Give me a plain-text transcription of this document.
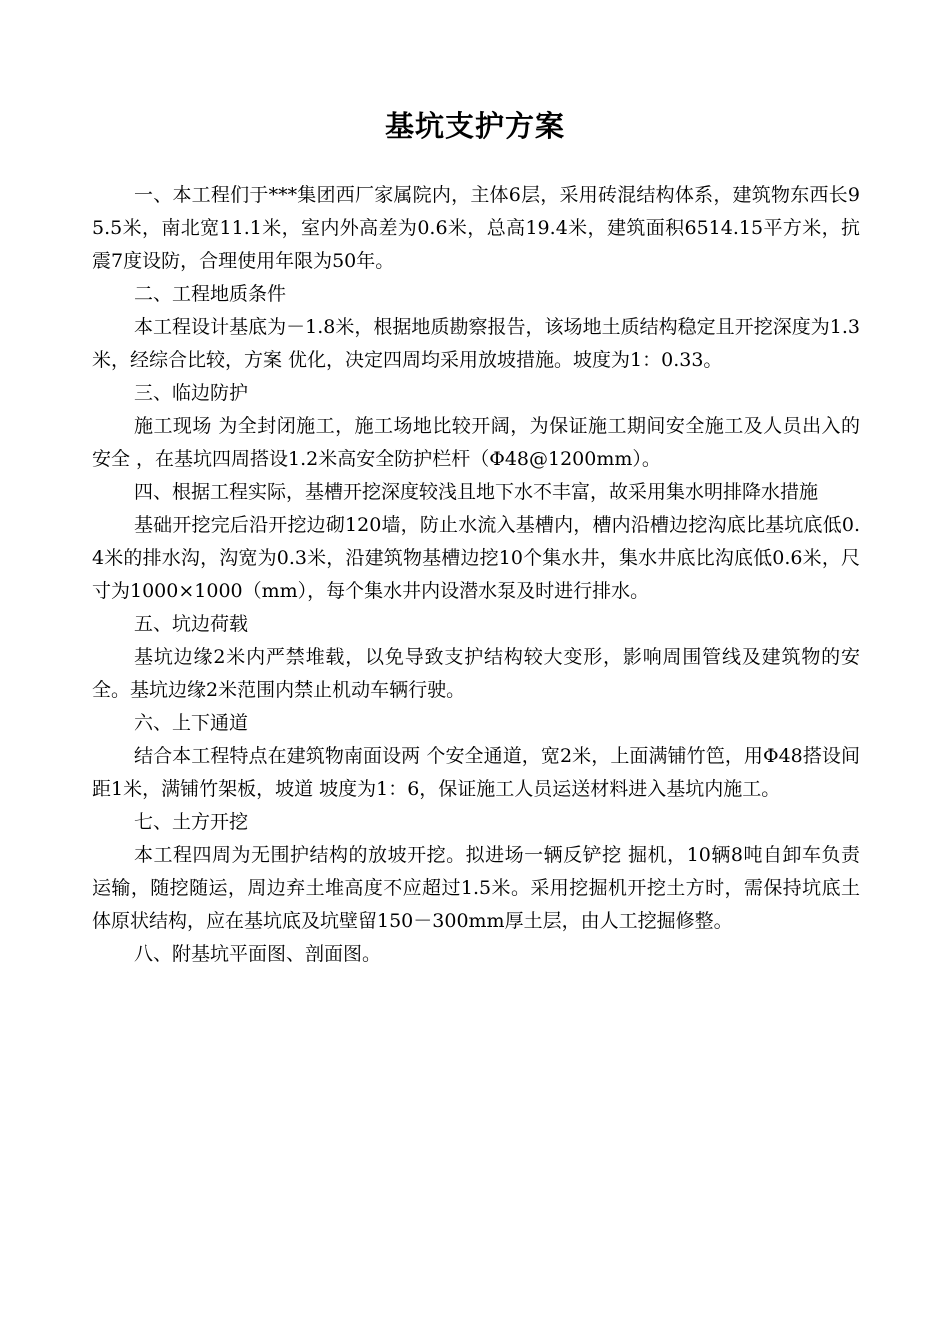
基坑支护方案

一、本工程们于***集团西厂家属院内，主体6层，采用砖混结构体系，建筑物东西长95.5米，南北宽11.1米，室内外高差为0.6米，总高19.4米，建筑面积6514.15平方米，抗震7度设防，合理使用年限为50年。

二、工程地质条件

本工程设计基底为－1.8米，根据地质勘察报告，该场地土质结构稳定且开挖深度为1.3米，经综合比较，方案 优化，决定四周均采用放坡措施。坡度为1：0.33。

三、临边防护

施工现场 为全封闭施工，施工场地比较开阔，为保证施工期间安全施工及人员出入的安全 ，在基坑四周搭设1.2米高安全防护栏杆（Φ48@1200mm）。

四、根据工程实际，基槽开挖深度较浅且地下水不丰富，故采用集水明排降水措施

基础开挖完后沿开挖边砌120墙，防止水流入基槽内，槽内沿槽边挖沟底比基坑底低0.4米的排水沟，沟宽为0.3米，沿建筑物基槽边挖10个集水井，集水井底比沟底低0.6米，尺寸为1000×1000（mm），每个集水井内设潜水泵及时进行排水。

五、坑边荷载

基坑边缘2米内严禁堆载，以免导致支护结构较大变形，影响周围管线及建筑物的安全。基坑边缘2米范围内禁止机动车辆行驶。

六、上下通道

结合本工程特点在建筑物南面设两 个安全通道，宽2米，上面满铺竹笆，用Φ48搭设间距1米，满铺竹架板，坡道 坡度为1：6，保证施工人员运送材料进入基坑内施工。

七、土方开挖

本工程四周为无围护结构的放坡开挖。拟进场一辆反铲挖 掘机，10辆8吨自卸车负责运输，随挖随运，周边弃土堆高度不应超过1.5米。采用挖掘机开挖土方时，需保持坑底土体原状结构，应在基坑底及坑壁留150－300mm厚土层，由人工挖掘修整。

八、附基坑平面图、剖面图。
